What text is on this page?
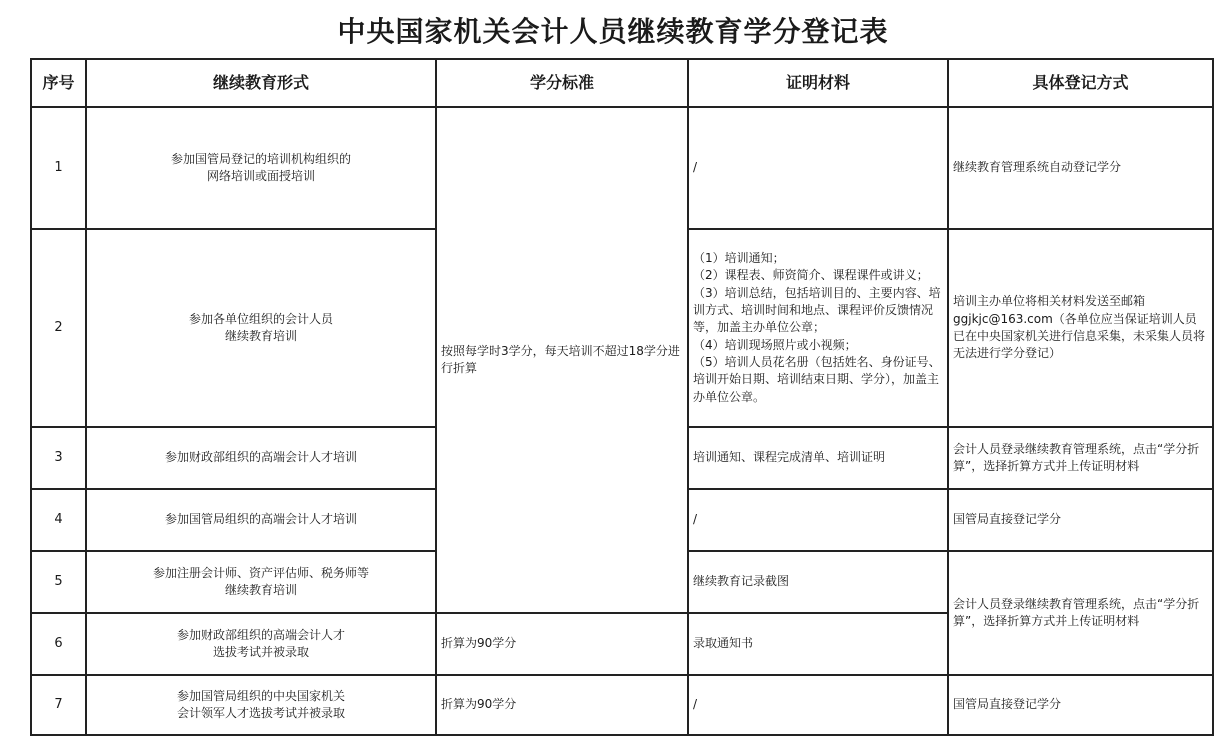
中央国家机关会计人员继续教育学分登记表
序号	继续教育形式	学分标准	证明材料	具体登记方式
1	参加国管局登记的培训机构组织的
网络培训或面授培训	按照每学时3学分，每天培训不超过18学分进行折算	/	继续教育管理系统自动登记学分
2	参加各单位组织的会计人员
继续教育培训		（1）培训通知；
（2）课程表、师资简介、课程课件或讲义；
（3）培训总结，包括培训目的、主要内容、培训方式、培训时间和地点、课程评价反馈情况等，加盖主办单位公章；
（4）培训现场照片或小视频；
（5）培训人员花名册（包括姓名、身份证号、培训开始日期、培训结束日期、学分），加盖主办单位公章。	培训主办单位将相关材料发送至邮箱ggjkjc@163.com（各单位应当保证培训人员已在中央国家机关进行信息采集，未采集人员将无法进行学分登记）
3	参加财政部组织的高端会计人才培训		培训通知、课程完成清单、培训证明	会计人员登录继续教育管理系统，点击“学分折算”，选择折算方式并上传证明材料
4	参加国管局组织的高端会计人才培训		/	国管局直接登记学分
5	参加注册会计师、资产评估师、税务师等
继续教育培训		继续教育记录截图	会计人员登录继续教育管理系统，点击“学分折算”，选择折算方式并上传证明材料
6	参加财政部组织的高端会计人才
选拔考试并被录取	折算为90学分	录取通知书	

7	参加国管局组织的中央国家机关
会计领军人才选拔考试并被录取	折算为90学分	/	国管局直接登记学分
